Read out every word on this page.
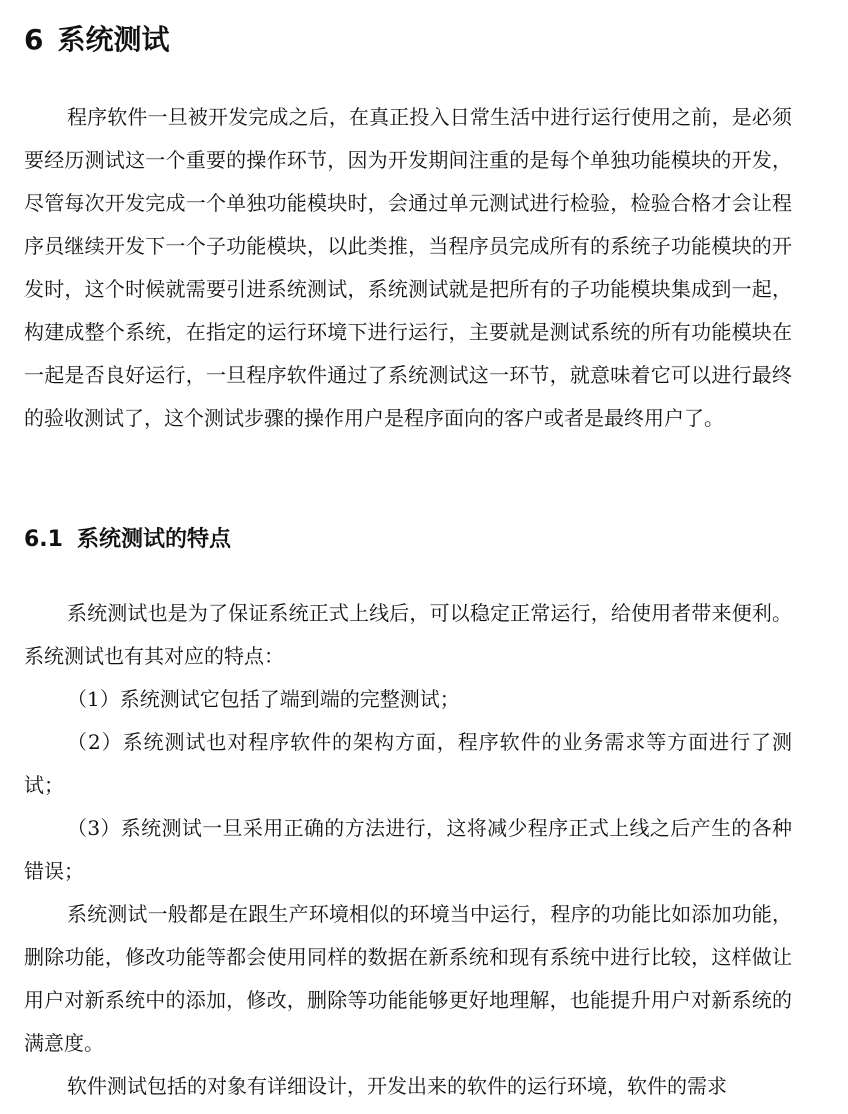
6 系统测试

程序软件一旦被开发完成之后，在真正投入日常生活中进行运行使用之前，是必须要经历测试这一个重要的操作环节，因为开发期间注重的是每个单独功能模块的开发，尽管每次开发完成一个单独功能模块时，会通过单元测试进行检验，检验合格才会让程序员继续开发下一个子功能模块，以此类推，当程序员完成所有的系统子功能模块的开发时，这个时候就需要引进系统测试，系统测试就是把所有的子功能模块集成到一起，构建成整个系统，在指定的运行环境下进行运行，主要就是测试系统的所有功能模块在一起是否良好运行，一旦程序软件通过了系统测试这一环节，就意味着它可以进行最终的验收测试了，这个测试步骤的操作用户是程序面向的客户或者是最终用户了。

6.1 系统测试的特点

系统测试也是为了保证系统正式上线后，可以稳定正常运行，给使用者带来便利。系统测试也有其对应的特点：

（1）系统测试它包括了端到端的完整测试；

（2）系统测试也对程序软件的架构方面，程序软件的业务需求等方面进行了测试；

（3）系统测试一旦采用正确的方法进行，这将减少程序正式上线之后产生的各种错误；

系统测试一般都是在跟生产环境相似的环境当中运行，程序的功能比如添加功能，删除功能，修改功能等都会使用同样的数据在新系统和现有系统中进行比较，这样做让用户对新系统中的添加，修改，删除等功能能够更好地理解，也能提升用户对新系统的满意度。

软件测试包括的对象有详细设计，开发出来的软件的运行环境，软件的需求
